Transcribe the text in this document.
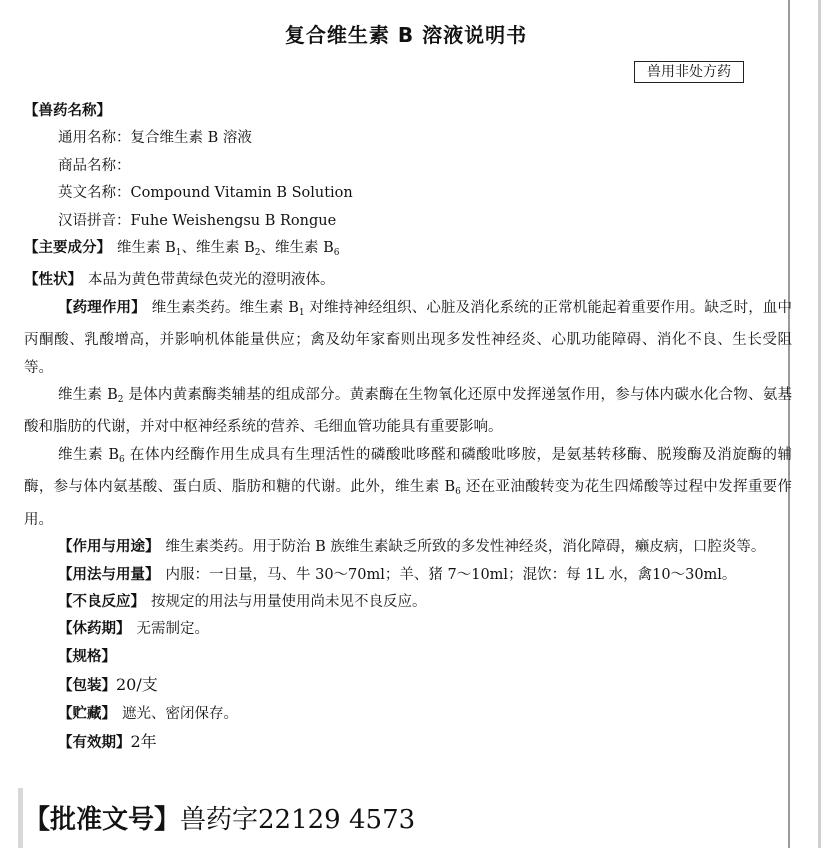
复合维生素 B 溶液说明书
兽用非处方药

【兽药名称】

通用名称：复合维生素 B 溶液

商品名称：

英文名称：Compound Vitamin B Solution

汉语拼音：Fuhe Weishengsu B Rongue

【主要成分】 维生素 $B_1$、维生素 $B_2$、维生素 $B_6$

【性状】 本品为黄色带黄绿色荧光的澄明液体。

【药理作用】 维生素类药。维生素 $B_1$ 对维持神经组织、心脏及消化系统的正常机能起着重要作用。缺乏时，血中丙酮酸、乳酸增高，并影响机体能量供应；禽及幼年家畜则出现多发性神经炎、心肌功能障碍、消化不良、生长受阻等。

维生素 $B_2$ 是体内黄素酶类辅基的组成部分。黄素酶在生物氧化还原中发挥递氢作用，参与体内碳水化合物、氨基酸和脂肪的代谢，并对中枢神经系统的营养、毛细血管功能具有重要影响。

维生素 $B_6$ 在体内经酶作用生成具有生理活性的磷酸吡哆醛和磷酸吡哆胺，是氨基转移酶、脱羧酶及消旋酶的辅酶，参与体内氨基酸、蛋白质、脂肪和糖的代谢。此外，维生素 $B_6$ 还在亚油酸转变为花生四烯酸等过程中发挥重要作用。

【作用与用途】 维生素类药。用于防治 B 族维生素缺乏所致的多发性神经炎，消化障碍，癞皮病，口腔炎等。

【用法与用量】 内服：一日量，马、牛 30～70ml；羊、猪 7～10ml；混饮：每 1L 水，禽10～30ml。

【不良反应】 按规定的用法与用量使用尚未见不良反应。

【休药期】 无需制定。

【规格】

【包装】20/支

【贮藏】 遮光、密闭保存。

【有效期】2年

【批准文号】兽药字22129 4573
